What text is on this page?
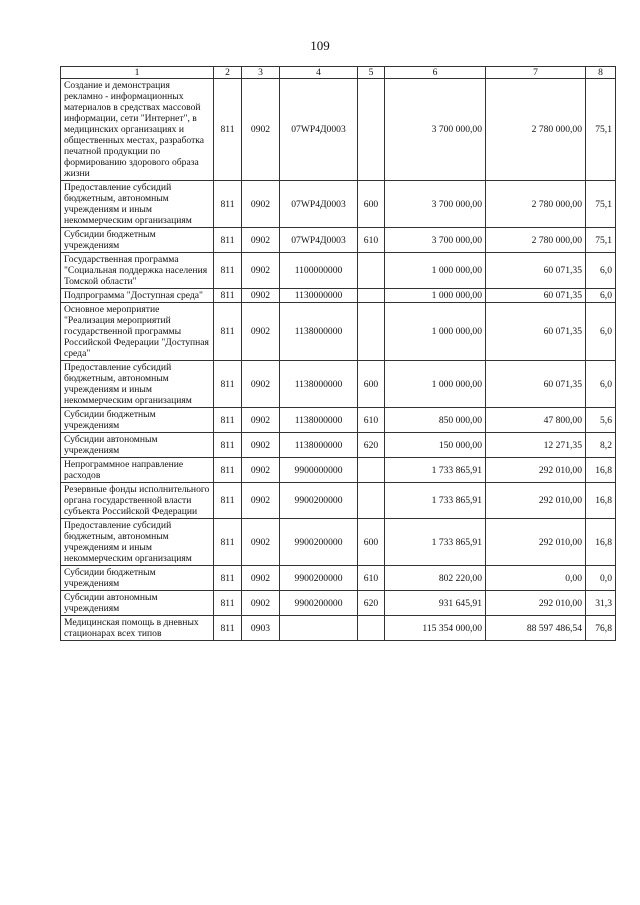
109
1	2	3	4	5	6	7	8
Создание и демонстрация рекламно - информационных материалов в средствах массовой информации, сети "Интернет", в медицинских организациях и общественных местах, разработка печатной продукции по формированию здорового образа жизни	811	0902	07WP4Д0003		3 700 000,00	2 780 000,00	75,1
Предоставление субсидий бюджетным, автономным учреждениям и иным некоммерческим организациям	811	0902	07WP4Д0003	600	3 700 000,00	2 780 000,00	75,1
Субсидии бюджетным учреждениям	811	0902	07WP4Д0003	610	3 700 000,00	2 780 000,00	75,1
Государственная программа "Социальная поддержка населения Томской области"	811	0902	1100000000		1 000 000,00	60 071,35	6,0
Подпрограмма "Доступная среда"	811	0902	1130000000		1 000 000,00	60 071,35	6,0
Основное мероприятие "Реализация мероприятий государственной программы Российской Федерации "Доступная среда"	811	0902	1138000000		1 000 000,00	60 071,35	6,0
Предоставление субсидий бюджетным, автономным учреждениям и иным некоммерческим организациям	811	0902	1138000000	600	1 000 000,00	60 071,35	6,0
Субсидии бюджетным учреждениям	811	0902	1138000000	610	850 000,00	47 800,00	5,6
Субсидии автономным учреждениям	811	0902	1138000000	620	150 000,00	12 271,35	8,2
Непрограммное направление расходов	811	0902	9900000000		1 733 865,91	292 010,00	16,8
Резервные фонды исполнительного органа государственной власти субъекта Российской Федерации	811	0902	9900200000		1 733 865,91	292 010,00	16,8
Предоставление субсидий бюджетным, автономным учреждениям и иным некоммерческим организациям	811	0902	9900200000	600	1 733 865,91	292 010,00	16,8
Субсидии бюджетным учреждениям	811	0902	9900200000	610	802 220,00	0,00	0,0
Субсидии автономным учреждениям	811	0902	9900200000	620	931 645,91	292 010,00	31,3
Медицинская помощь в дневных стационарах всех типов	811	0903			115 354 000,00	88 597 486,54	76,8
